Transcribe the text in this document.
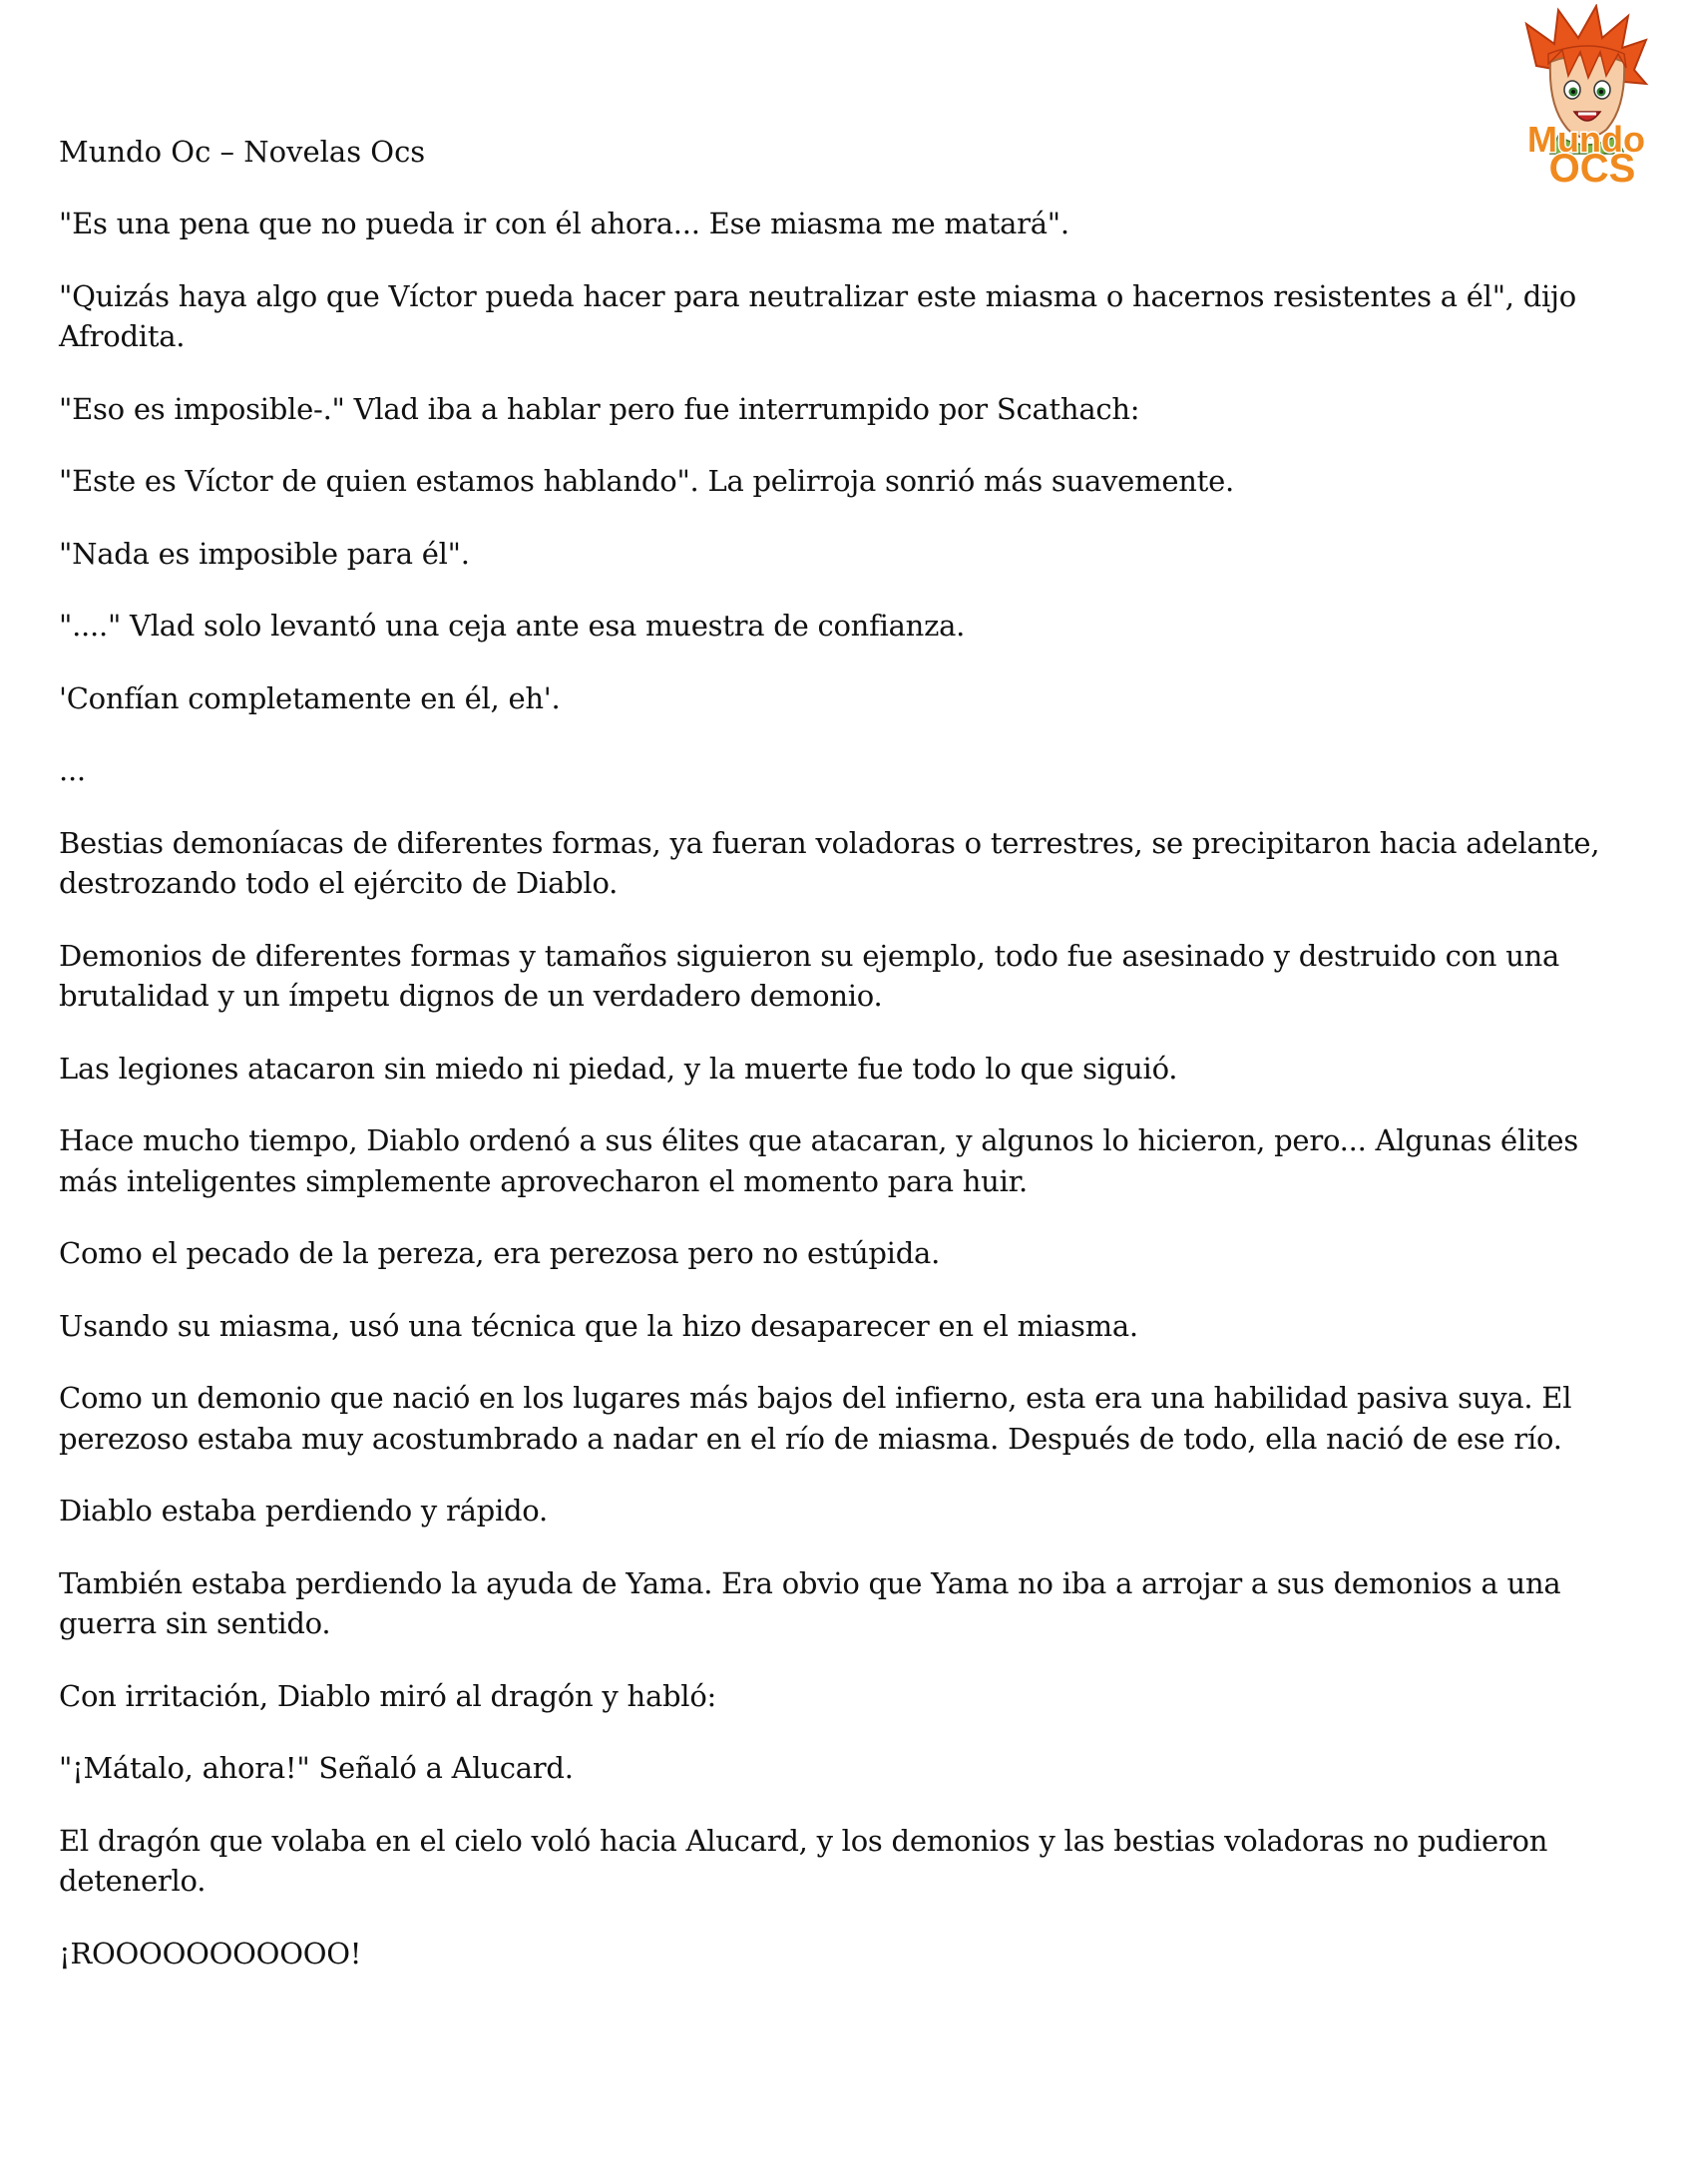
Mundo Oc – Novelas Ocs	Mundo
OCS

"Es una pena que no pueda ir con él ahora... Ese miasma me matará".

"Quizás haya algo que Víctor pueda hacer para neutralizar este miasma o hacernos resistentes a él", dijo Afrodita.

"Eso es imposible-." Vlad iba a hablar pero fue interrumpido por Scathach:

"Este es Víctor de quien estamos hablando". La pelirroja sonrió más suavemente.

"Nada es imposible para él".

"...." Vlad solo levantó una ceja ante esa muestra de confianza.

'Confían completamente en él, eh'.

...

Bestias demoníacas de diferentes formas, ya fueran voladoras o terrestres, se precipitaron hacia adelante, destrozando todo el ejército de Diablo.

Demonios de diferentes formas y tamaños siguieron su ejemplo, todo fue asesinado y destruido con una brutalidad y un ímpetu dignos de un verdadero demonio.

Las legiones atacaron sin miedo ni piedad, y la muerte fue todo lo que siguió.

Hace mucho tiempo, Diablo ordenó a sus élites que atacaran, y algunos lo hicieron, pero... Algunas élites más inteligentes simplemente aprovecharon el momento para huir.

Como el pecado de la pereza, era perezosa pero no estúpida.

Usando su miasma, usó una técnica que la hizo desaparecer en el miasma.

Como un demonio que nació en los lugares más bajos del infierno, esta era una habilidad pasiva suya. El perezoso estaba muy acostumbrado a nadar en el río de miasma. Después de todo, ella nació de ese río.

Diablo estaba perdiendo y rápido.

También estaba perdiendo la ayuda de Yama. Era obvio que Yama no iba a arrojar a sus demonios a una guerra sin sentido.

Con irritación, Diablo miró al dragón y habló:

"¡Mátalo, ahora!" Señaló a Alucard.

El dragón que volaba en el cielo voló hacia Alucard, y los demonios y las bestias voladoras no pudieron detenerlo.

¡ROOOOOOOOOOO!
